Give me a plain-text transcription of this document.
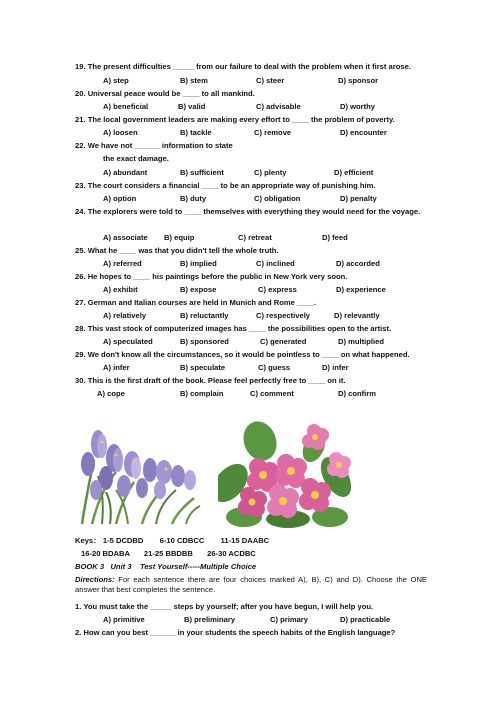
19. The present difficulties _____ from our failure to deal with the problem when it first arose.
A) step	B) stem	C) steer	D) sponsor
20. Universal peace would be ____ to all mankind.
A) beneficial	B) valid	C) advisable	D) worthy
21. The local government leaders are making every effort to ____ the problem of poverty.
A) loosen	B) tackle	C) remove	D) encounter
22. We have not ______ information to state
the exact damage.
A) abundant	B) sufficient	C) plenty	D) efficient
23. The court considers a financial ____ to be an appropriate way of punishing him.
A) option	B) duty	C) obligation	D) penalty
24. The explorers were told to ____ themselves with everything they would need for the voyage.
A) associate B) equip	C) retreat	D) feed
25. What he ____ was that you didn't tell the whole truth.
A) referred	B) implied	C) inclined	D) accorded
26. He hopes to ____ his paintings before the public in New York very soon.
A) exhibit	B) expose	C) express	D) experience
27. German and Italian courses are held in Munich and Rome ____.
A) relatively	B) reluctantly	C) respectively	D) relevantly
28. This vast stock of computerized images has ____ the possibilities open to the artist.
A) speculated	B) sponsored	C) generated	D) multiplied
29. We don't know all the circumstances, so it would be pointless to ____ on what happened.
A) infer	B) speculate	C) guess	D) infer
30. This is the first draft of the book. Please feel perfectly free to ____ on it.
A) cope	B) complain	C) comment	D) confirm
Keys： 1-5 DCDBD 6-10 CDBCC 11-15 DAABC
16-20 BDABA 21-25 BBDBB 26-30 ACDBC
BOOK 3   Unit 3    Test Yourself-----Multiple Choice
Directions: For each sentence there are four choices marked A), B), C) and D). Choose the ONE answer that best completes the sentence.
1. You must take the _____ steps by yourself; after you have begun, I will help you.
A) primitive	B) preliminary	C) primary	D) practicable
2. How can you best ______ in your students the speech habits of the English language?
